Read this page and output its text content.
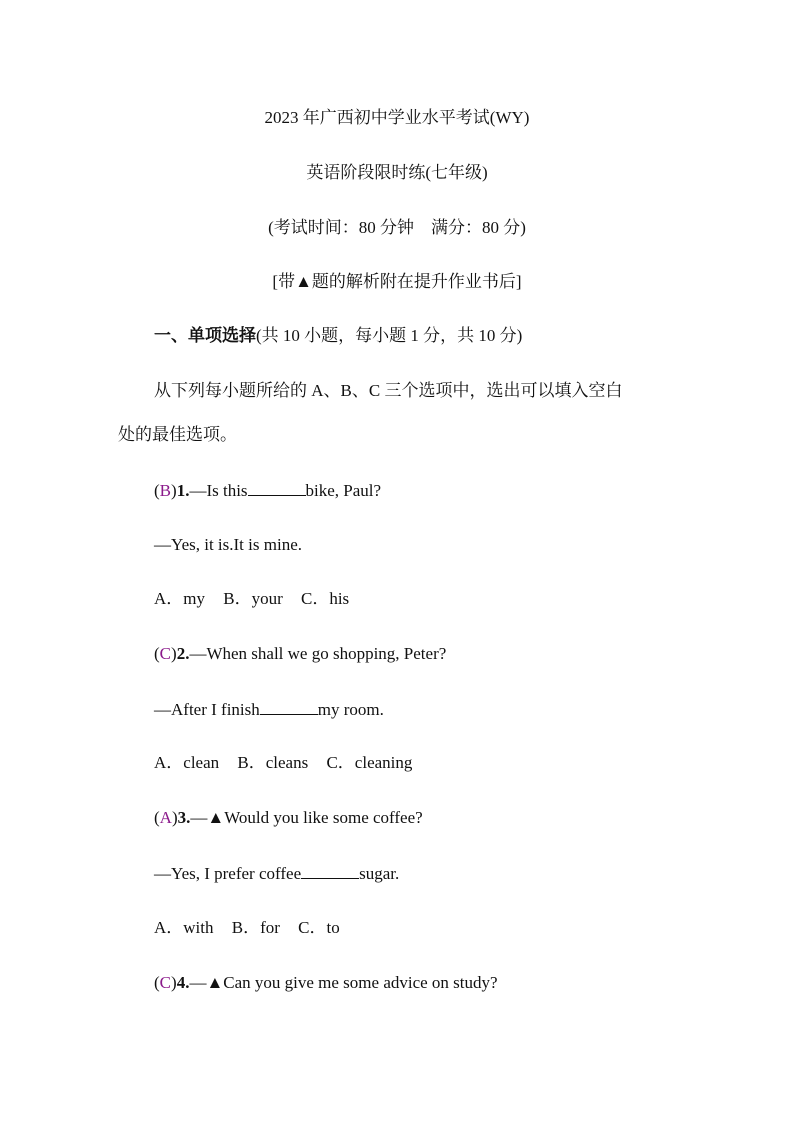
2023 年广西初中学业水平考试(WY)
英语阶段限时练(七年级)
(考试时间：80 分钟　满分：80 分)
[带▲题的解析附在提升作业书后]
一、单项选择(共 10 小题，每小题 1 分，共 10 分)
从下列每小题所给的 A、B、C 三个选项中，选出可以填入空白
处的最佳选项。
(B)1.—Is this	bike, Paul?
—Yes, it is.It is mine.
A．my B．your C．his
(C)2.—When shall we go shopping, Peter?
—After I finish	my room.
A．clean B．cleans C．cleaning
(A)3.—▲Would you like some coffee?
—Yes, I prefer coffee	sugar.
A．with B．for C．to
(C)4.—▲Can you give me some advice on study?
